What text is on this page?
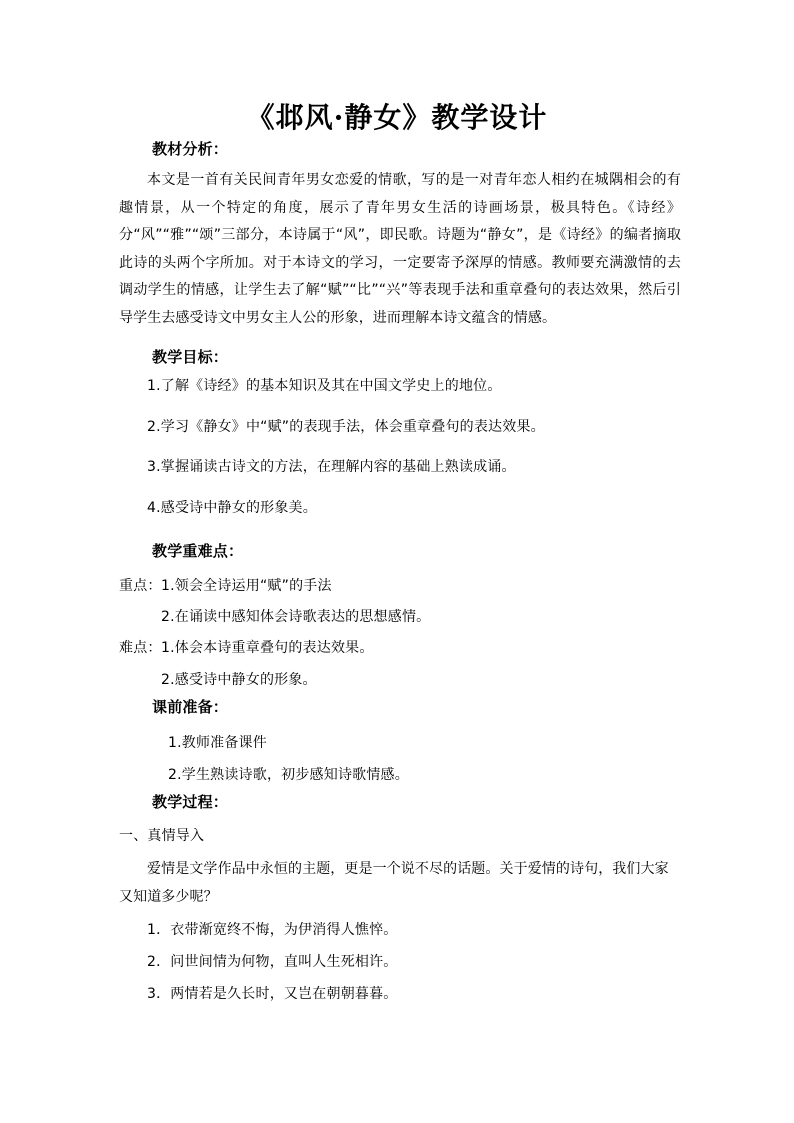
《邶风·静女》教学设计
教材分析：
本文是一首有关民间青年男女恋爱的情歌，写的是一对青年恋人相约在城隅相会的有趣情景，从一个特定的角度，展示了青年男女生活的诗画场景，极具特色。《诗经》分“风”“雅”“颂”三部分，本诗属于“风”，即民歌。诗题为“静女”，是《诗经》的编者摘取此诗的头两个字所加。对于本诗文的学习，一定要寄予深厚的情感。教师要充满激情的去调动学生的情感，让学生去了解“赋”“比”“兴”等表现手法和重章叠句的表达效果，然后引导学生去感受诗文中男女主人公的形象，进而理解本诗文蕴含的情感。
教学目标：
1.了解《诗经》的基本知识及其在中国文学史上的地位。
2.学习《静女》中“赋”的表现手法，体会重章叠句的表达效果。
3.掌握诵读古诗文的方法，在理解内容的基础上熟读成诵。
4.感受诗中静女的形象美。
教学重难点：
重点： 1.领会全诗运用“赋”的手法
2.在诵读中感知体会诗歌表达的思想感情。
难点： 1.体会本诗重章叠句的表达效果。
2.感受诗中静女的形象。
课前准备：
1.教师准备课件
2.学生熟读诗歌，初步感知诗歌情感。
教学过程：
一、真情导入
爱情是文学作品中永恒的主题，更是一个说不尽的话题。关于爱情的诗句，我们大家又知道多少呢？
1．衣带渐宽终不悔，为伊消得人憔悴。
2．问世间情为何物，直叫人生死相许。
3．两情若是久长时，又岂在朝朝暮暮。
